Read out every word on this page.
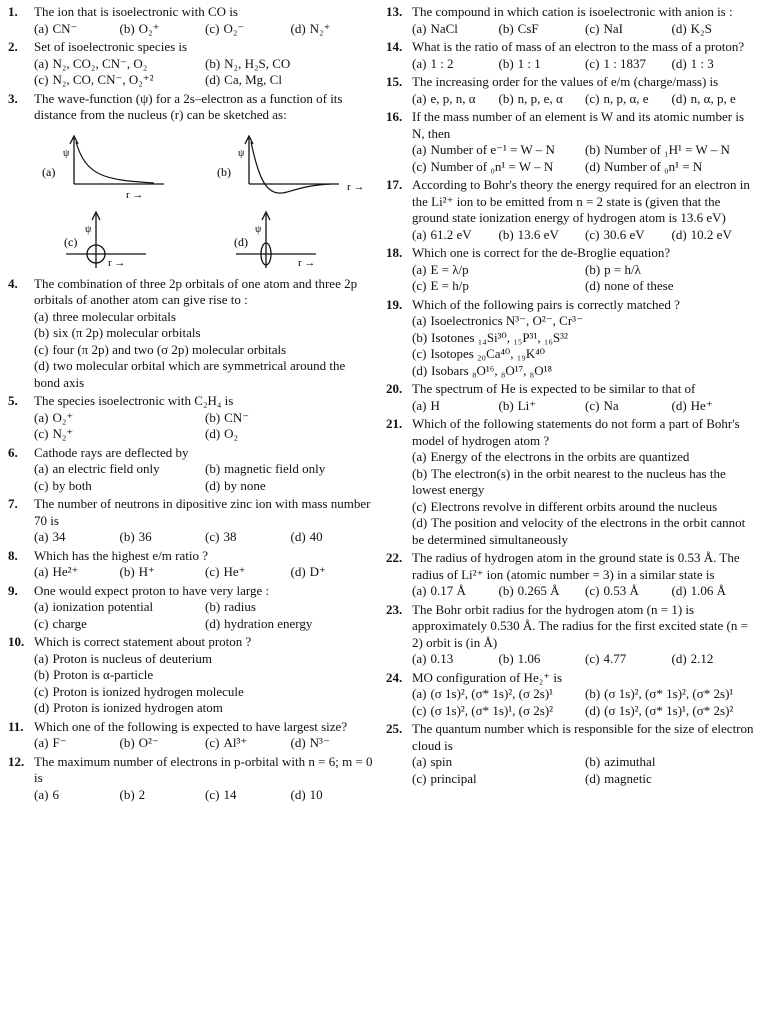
1.	The ion that is isoelectronic with CO is
(a) CN⁻	(b) O₂⁺	(c) O₂⁻	(d) N₂⁺
2.	Set of isoelectronic species is
(a) N₂, CO₂, CN⁻, O₂	(b) N₂, H₂S, CO
(c) N₂, CO, CN⁻, O₂⁺²	(d) Ca, Mg, Cl
3.	The wave-function (ψ) for a 2s–electron as a function of its distance from the nucleus (r) can be sketched as:
(a)
ψ
r →
(b)
ψ
r →
(c)
ψ
r →
(d)
ψ
r →
4.	The combination of three 2p orbitals of one atom and three 2p orbitals of another atom can give rise to :
(a) three molecular orbitals
(b) six (π 2p) molecular orbitals
(c) four (π 2p) and two (σ 2p) molecular orbitals
(d) two molecular orbital which are symmetrical around the bond axis
5.	The species isoelectronic with C₂H₄ is
(a) O₂⁺	(b) CN⁻
(c) N₂⁺	(d) O₂
6.	Cathode rays are deflected by
(a) an electric field only	(b) magnetic field only
(c) by both	(d) by none
7.	The number of neutrons in dipositive zinc ion with mass number 70 is
(a) 34	(b) 36	(c) 38	(d) 40
8.	Which has the highest e/m ratio ?
(a) He²⁺	(b) H⁺	(c) He⁺	(d) D⁺
9.	One would expect proton to have very large :
(a) ionization potential	(b) radius
(c) charge	(d) hydration energy
10. Which is correct statement about proton ?
(a) Proton is nucleus of deuterium
(b) Proton is α-particle
(c) Proton is ionized hydrogen molecule
(d) Proton is ionized hydrogen atom
11. Which one of the following is expected to have largest size?
(a) F⁻	(b) O²⁻	(c) Al³⁺	(d) N³⁻
12. The maximum number of electrons in p-orbital with n = 6; m = 0 is
(a) 6	(b) 2	(c) 14	(d) 10
13. The compound in which cation is isoelectronic with anion is :
(a) NaCl	(b) CsF	(c) NaI	(d) K₂S
14. What is the ratio of mass of an electron to the mass of a proton?
(a) 1 : 2	(b) 1 : 1	(c) 1 : 1837	(d) 1 : 3
15. The increasing order for the values of e/m (charge/mass) is
(a) e, p, n, α	(b) n, p, e, α	(c) n, p, α, e	(d) n, α, p, e
16. If the mass number of an element is W and its atomic number is N, then
(a) Number of e⁻¹ = W – N	(b) Number of ₁H¹ = W – N
(c) Number of ₀n¹ = W – N	(d) Number of ₀n¹ = N
17. According to Bohr's theory the energy required for an electron in the Li²⁺ ion to be emitted from n = 2 state is (given that the ground state ionization energy of hydrogen atom is 13.6 eV)
(a) 61.2 eV	(b) 13.6 eV	(c) 30.6 eV	(d) 10.2 eV
18. Which one is correct for the de-Broglie equation?
(a) E = λ/p	(b) p = h/λ
(c) E = h/p	(d) none of these
19. Which of the following pairs is correctly matched ?
(a) Isoelectronics N³⁻, O²⁻, Cr³⁻
(b) Isotones ₁₄Si³⁰, ₁₅P³¹, ₁₆S³²
(c) Isotopes ₂₀Ca⁴⁰, ₁₉K⁴⁰
(d) Isobars ₈O¹⁶, ₈O¹⁷, ₈O¹⁸
20. The spectrum of He is expected to be similar to that of
(a) H	(b) Li⁺	(c) Na	(d) He⁺
21. Which of the following statements do not form a part of Bohr's model of hydrogen atom ?
(a) Energy of the electrons in the orbits are quantized
(b) The electron(s) in the orbit nearest to the nucleus has the lowest energy
(c) Electrons revolve in different orbits around the nucleus
(d) The position and velocity of the electrons in the orbit cannot be determined simultaneously
22. The radius of hydrogen atom in the ground state is 0.53 Å. The radius of Li²⁺ ion (atomic number = 3) in a similar state is
(a) 0.17 Å	(b) 0.265 Å	(c) 0.53 Å	(d) 1.06 Å
23. The Bohr orbit radius for the hydrogen atom (n = 1) is approximately 0.530 Å. The radius for the first excited state (n = 2) orbit is (in Å)
(a) 0.13	(b) 1.06	(c) 4.77	(d) 2.12
24. MO configuration of He₂⁺ is
(a) (σ 1s)², (σ* 1s)², (σ 2s)¹	(b) (σ 1s)², (σ* 1s)², (σ* 2s)¹
(c) (σ 1s)², (σ* 1s)¹, (σ 2s)²	(d) (σ 1s)², (σ* 1s)¹, (σ* 2s)²
25. The quantum number which is responsible for the size of electron cloud is
(a) spin	(b) azimuthal
(c) principal	(d) magnetic
